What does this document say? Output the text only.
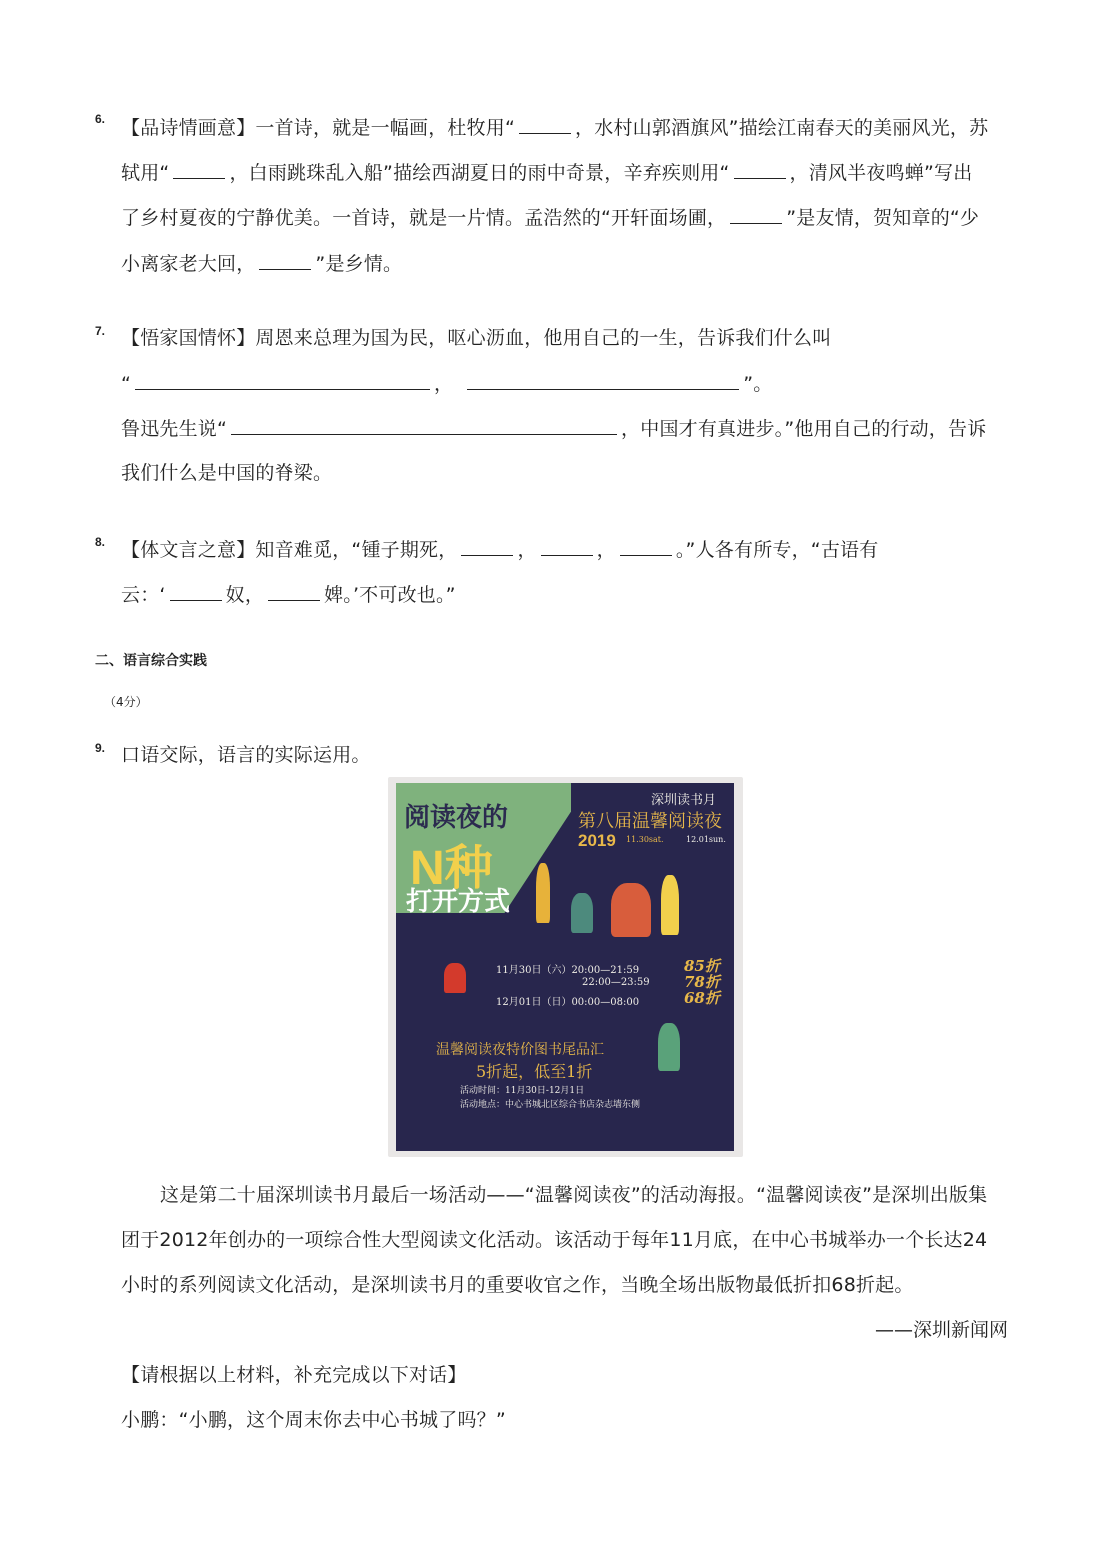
6. 【品诗情画意】一首诗，就是一幅画，杜牧用“	，水村山郭酒旗风”描绘江南春天的美丽风光，苏
轼用“	，白雨跳珠乱入船”描绘西湖夏日的雨中奇景，辛弃疾则用“	，清风半夜鸣蝉”写出
了乡村夏夜的宁静优美。一首诗，就是一片情。孟浩然的“开轩面场圃，	”是友情，贺知章的“少
小离家老大回，	”是乡情。
7. 【悟家国情怀】周恩来总理为国为民，呕心沥血，他用自己的一生，告诉我们什么叫
“	，	”。
鲁迅先生说“	，中国才有真进步。”他用自己的行动，告诉
我们什么是中国的脊梁。
8. 【体文言之意】知音难觅，“锺子期死，	，	，	。”人各有所专，“古语有
云：‘	奴，	婢。’不可改也。”
二、语言综合实践
（4分）
9. 口语交际，语言的实际运用。
阅读夜的
N种
打开方式
深圳读书月
第八届温馨阅读夜
2019 11.30sat.	12.01sun.
11月30日（六）20:00—21:59	85折
22:00—23:59 78折
12月01日（日）00:00—08:00	68折
温馨阅读夜特价图书尾品汇
5折起，低至1折
活动时间：11月30日-12月1日
活动地点：中心书城北区综合书店杂志墙东侧
这是第二十届深圳读书月最后一场活动——“温馨阅读夜”的活动海报。“温馨阅读夜”是深圳出版集
团于2012年创办的一项综合性大型阅读文化活动。该活动于每年11月底，在中心书城举办一个长达24
小时的系列阅读文化活动，是深圳读书月的重要收官之作，当晚全场出版物最低折扣68折起。
——深圳新闻网
【请根据以上材料，补充完成以下对话】
小鹏：“小鹏，这个周末你去中心书城了吗？”
